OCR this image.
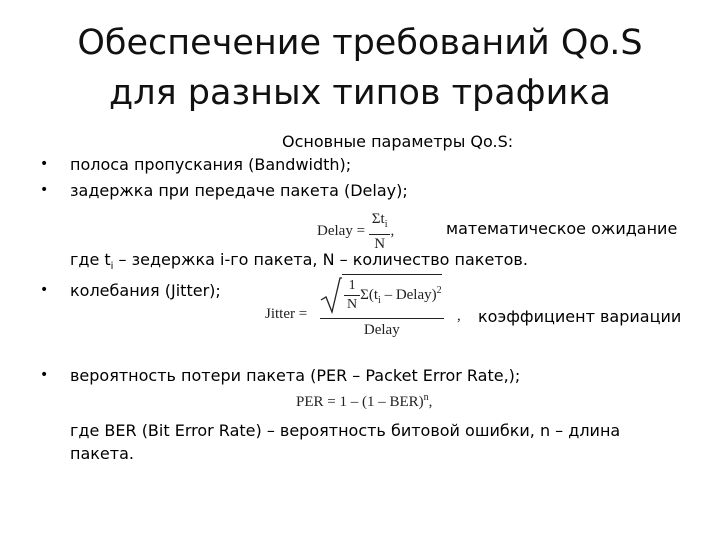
Обеспечение требований Qo.S
для разных типов трафика
Основные параметры Qo.S:
• полоса пропускания (Bandwidth);
• задержка при передаче пакета (Delay);
Delay = $\frac{\Sigma t_i}{N}$ ,	математическое ожидание
где $t_i$ – зедержка i-го пакета, N – количество пакетов.
• колебания (Jitter);
Jitter =	$\frac{1}{N} \Sigma(t_i$ – Delay)$^2$
Delay
, коэффициент вариации
• вероятность потери пакета (PER – Packet Error Rate,);
PER = 1 – (1 – BER)$^n$,
где BER (Bit Error Rate) – вероятность битовой ошибки, n – длина
пакета.
